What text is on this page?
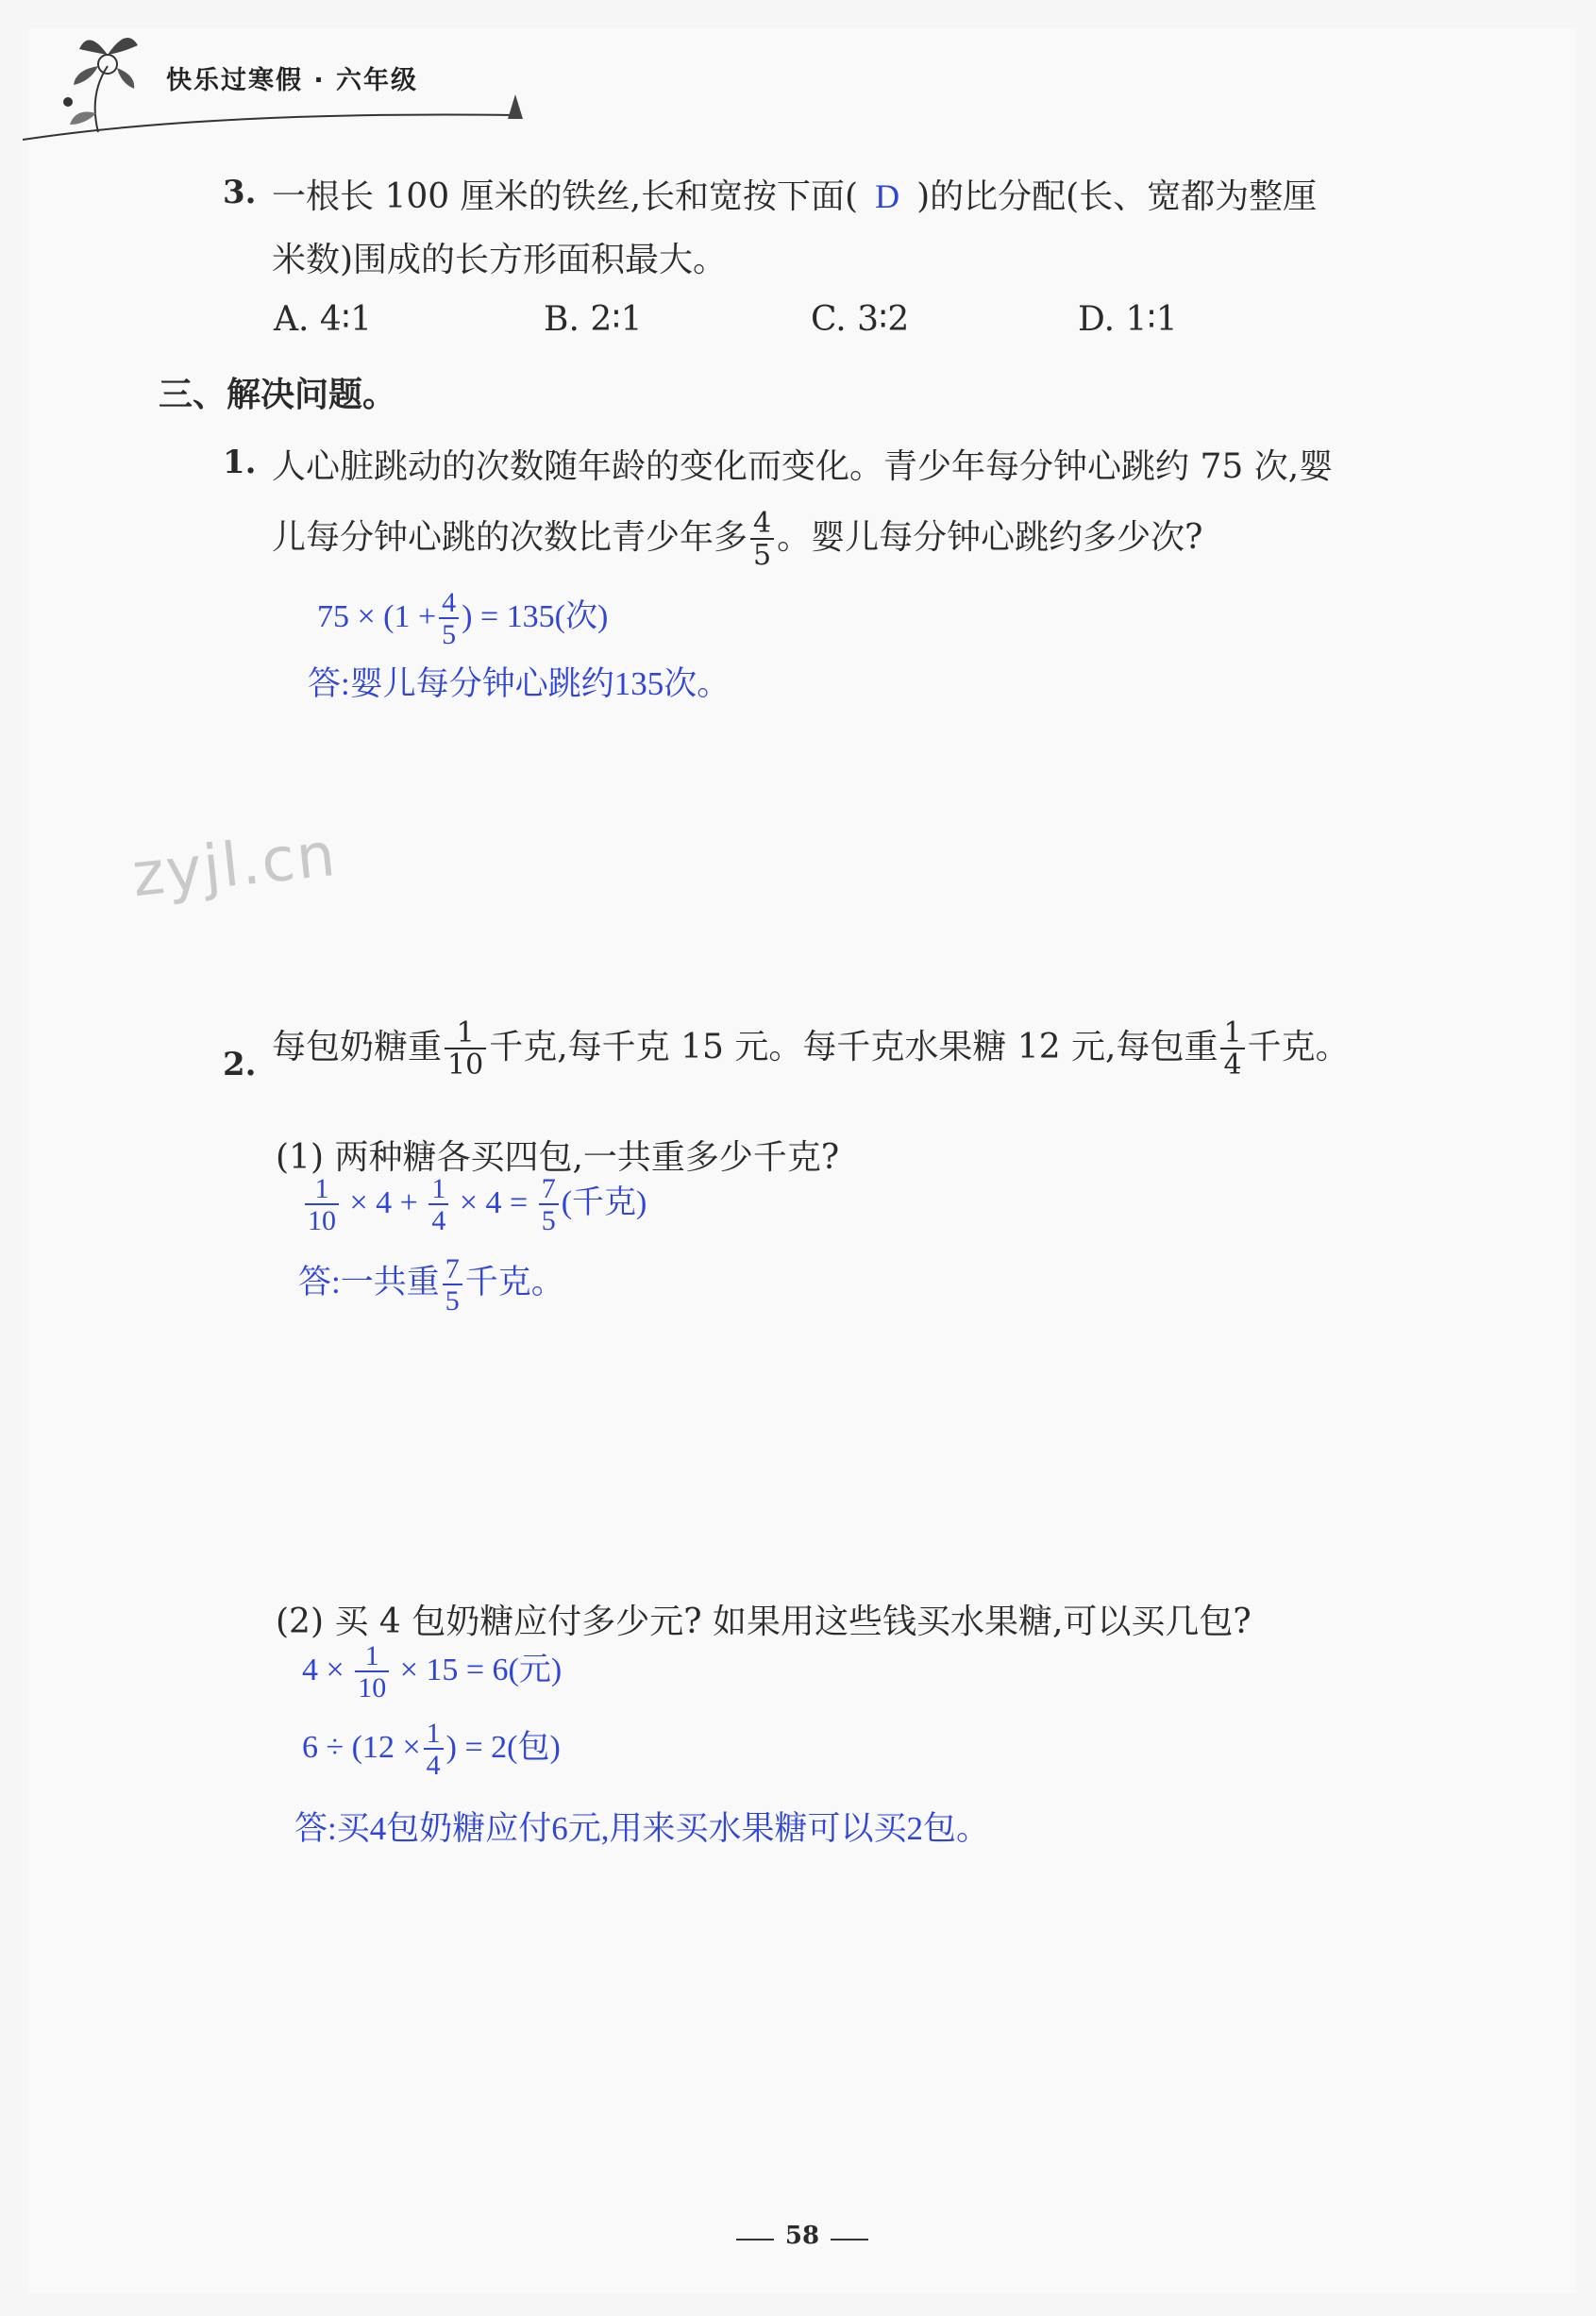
快乐过寒假 · 六年级
3. 一根长 100 厘米的铁丝,长和宽按下面( D )的比分配(长、宽都为整厘
米数)围成的长方形面积最大。
A. 4∶1	B. 2∶1	C. 3∶2	D. 1∶1
三、解决问题。
1. 人心脏跳动的次数随年龄的变化而变化。青少年每分钟心跳约 75 次,婴
儿每分钟心跳的次数比青少年多 $\frac{4}{5}$ 。婴儿每分钟心跳约多少次?
$75 \times (1 + \frac{4}{5}$ ) = 135(次)
答:婴儿每分钟心跳约135次。
zyjl.cn
2. 每包奶糖重 $\frac{1}{10}$ 千克,每千克 15 元。每千克水果糖 12 元,每包重 $\frac{1}{4}$ 千克。
(1) 两种糖各买四包,一共重多少千克?
$\frac{1}{10} \times 4 + \frac{1}{4} \times 4 = \frac{7}{5}$ (千克)
答:一共重 $\frac{7}{5}$ 千克。
(2) 买 4 包奶糖应付多少元? 如果用这些钱买水果糖,可以买几包?
$4 \times \frac{1}{10} \times 15 = 6$(元)
$6 \div (12 \times \frac{1}{4}$ ) = 2(包)
答:买4包奶糖应付6元,用来买水果糖可以买2包。
58
